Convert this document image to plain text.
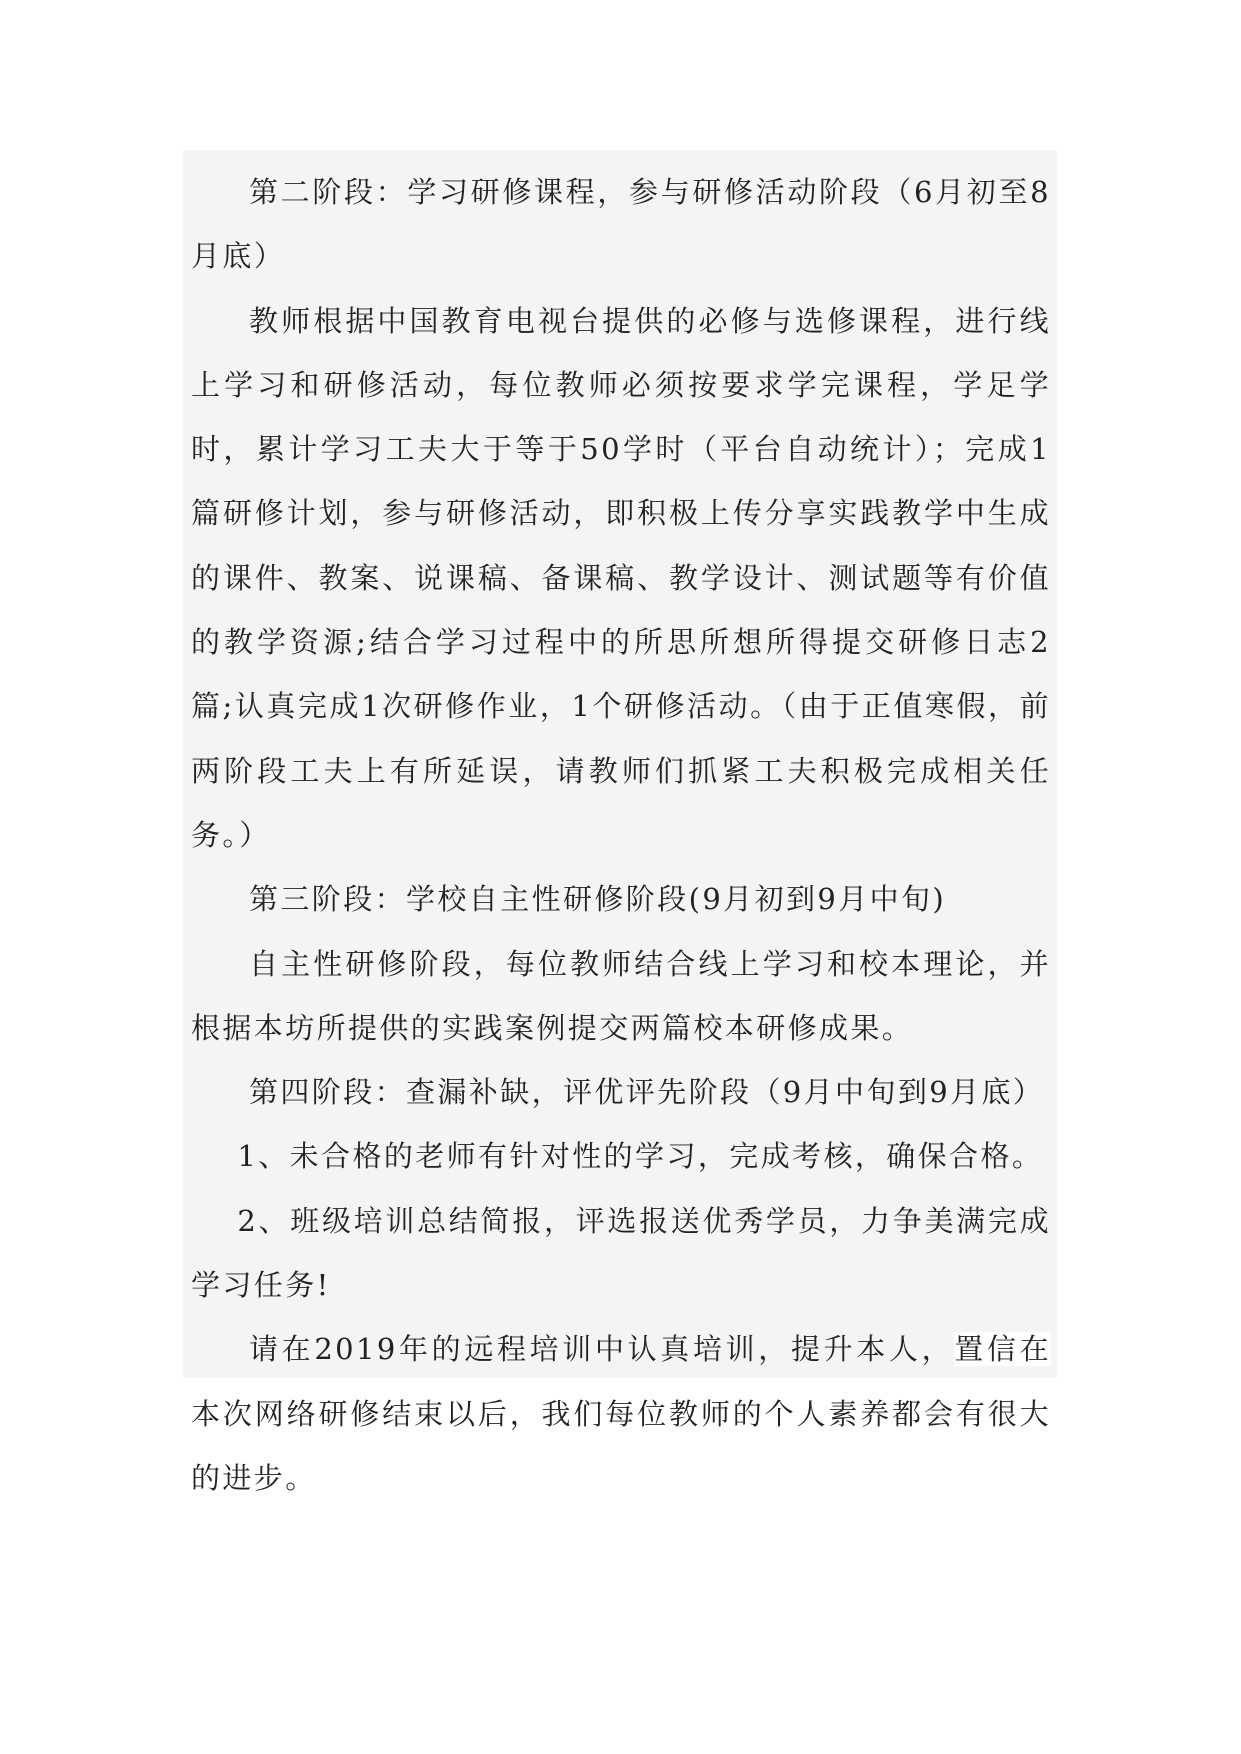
第二阶段：学习研修课程，参与研修活动阶段（6月初至8月底）

教师根据中国教育电视台提供的必修与选修课程，进行线上学习和研修活动，每位教师必须按要求学完课程，学足学时，累计学习工夫大于等于50学时（平台自动统计）；完成1篇研修计划，参与研修活动，即积极上传分享实践教学中生成的课件、教案、说课稿、备课稿、教学设计、测试题等有价值的教学资源;结合学习过程中的所思所想所得提交研修日志2篇;认真完成1次研修作业，1个研修活动。（由于正值寒假，前两阶段工夫上有所延误，请教师们抓紧工夫积极完成相关任务。）

第三阶段：学校自主性研修阶段(9月初到9月中旬)

自主性研修阶段，每位教师结合线上学习和校本理论，并根据本坊所提供的实践案例提交两篇校本研修成果。

第四阶段：查漏补缺，评优评先阶段（9月中旬到9月底）

1、未合格的老师有针对性的学习，完成考核，确保合格。

2、班级培训总结简报，评选报送优秀学员，力争美满完成学习任务!

请在2019年的远程培训中认真培训，提升本人，置信在本次网络研修结束以后，我们每位教师的个人素养都会有很大的进步。
